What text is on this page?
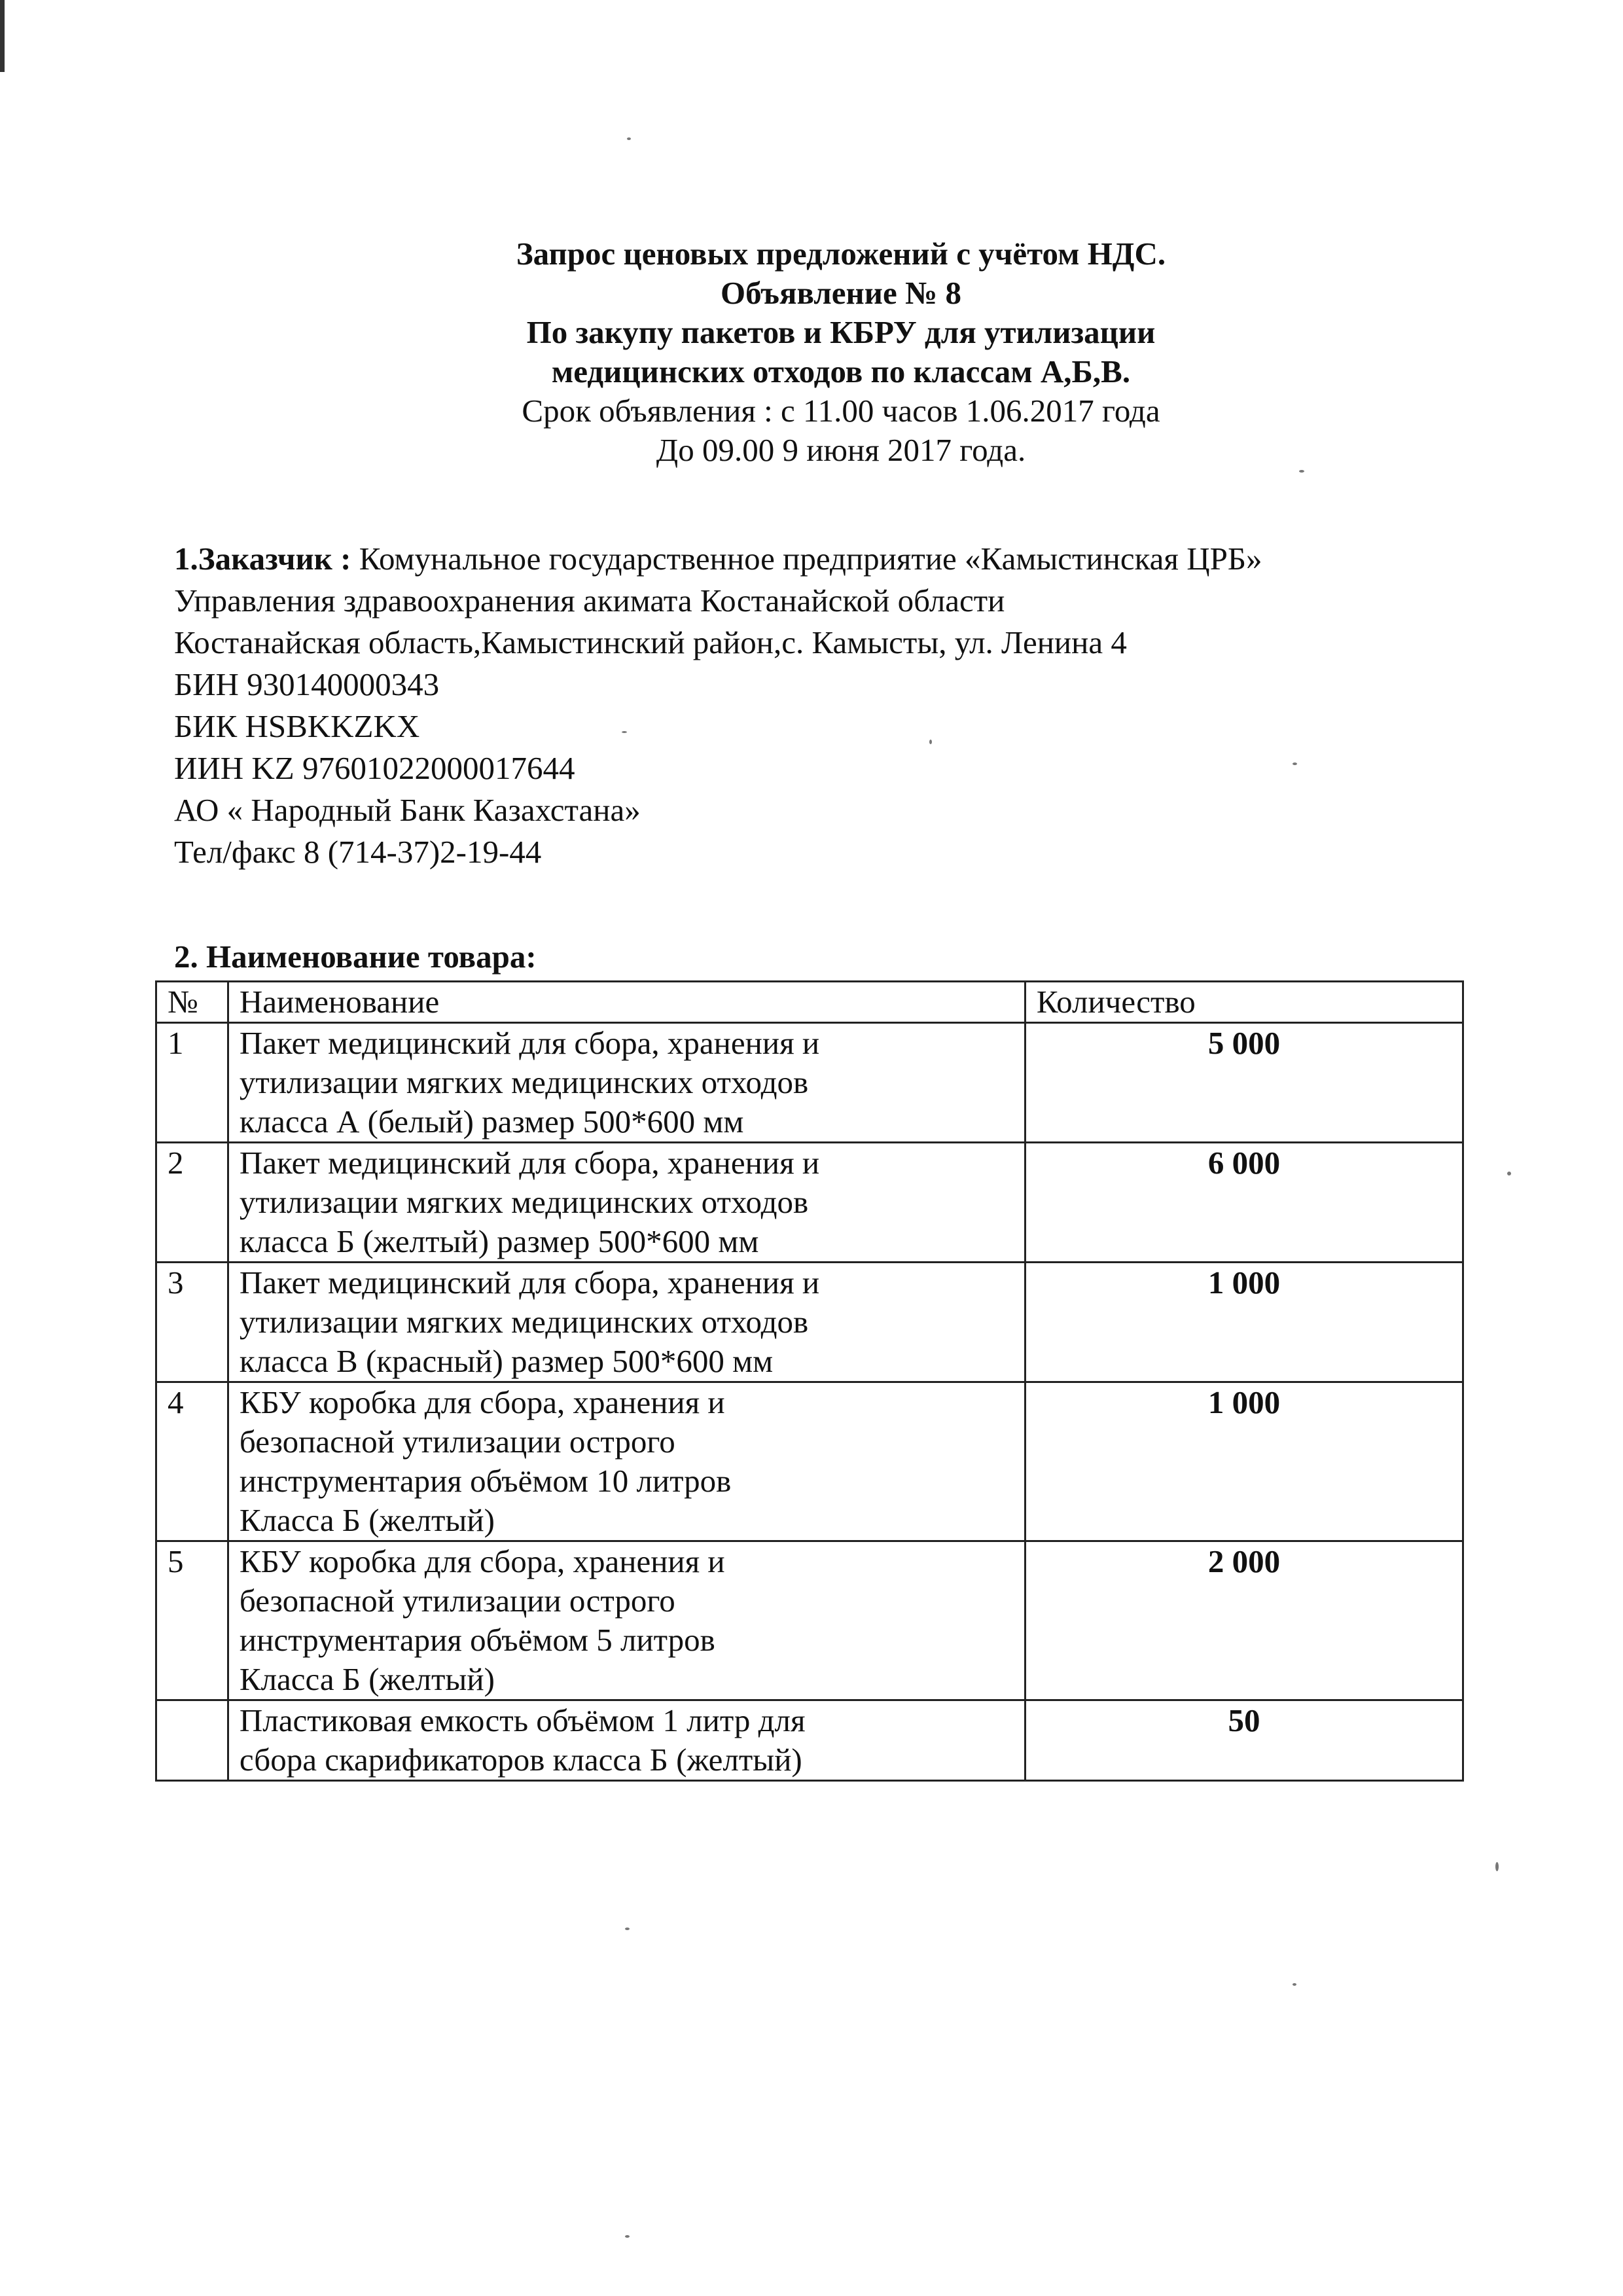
Запрос ценовых предложений с учётом НДС.
Объявление № 8
По закупу пакетов и КБРУ для утилизации
медицинских отходов по классам А,Б,В.
Срок объявления : с 11.00 часов 1.06.2017 года
До 09.00 9 июня 2017 года.
1.Заказчик : Комунальное государственное предприятие «Камыстинская ЦРБ»
Управления здравоохранения акимата Костанайской области
Костанайская область,Камыстинский район,с. Камысты, ул. Ленина 4
БИН 930140000343
БИК HSBKKZKX
ИИН KZ 97601022000017644
АО « Народный Банк Казахстана»
Тел/факс 8 (714-37)2-19-44
2. Наименование товара:
№	Наименование	Количество
1	Пакет медицинский для сбора, хранения и
утилизации мягких медицинских отходов
класса А (белый) размер 500*600 мм	5 000
2	Пакет медицинский для сбора, хранения и
утилизации мягких медицинских отходов
класса Б (желтый) размер 500*600 мм	6 000
3	Пакет медицинский для сбора, хранения и
утилизации мягких медицинских отходов
класса В (красный) размер 500*600 мм	1 000
4	КБУ коробка для сбора, хранения и
безопасной утилизации острого
инструментария объёмом 10 литров
Класса Б (желтый)	1 000
5	КБУ коробка для сбора, хранения и
безопасной утилизации острого
инструментария объёмом 5 литров
Класса Б (желтый)	2 000

	Пластиковая емкость объёмом 1 литр для
сбора скарификаторов класса Б (желтый)	50
